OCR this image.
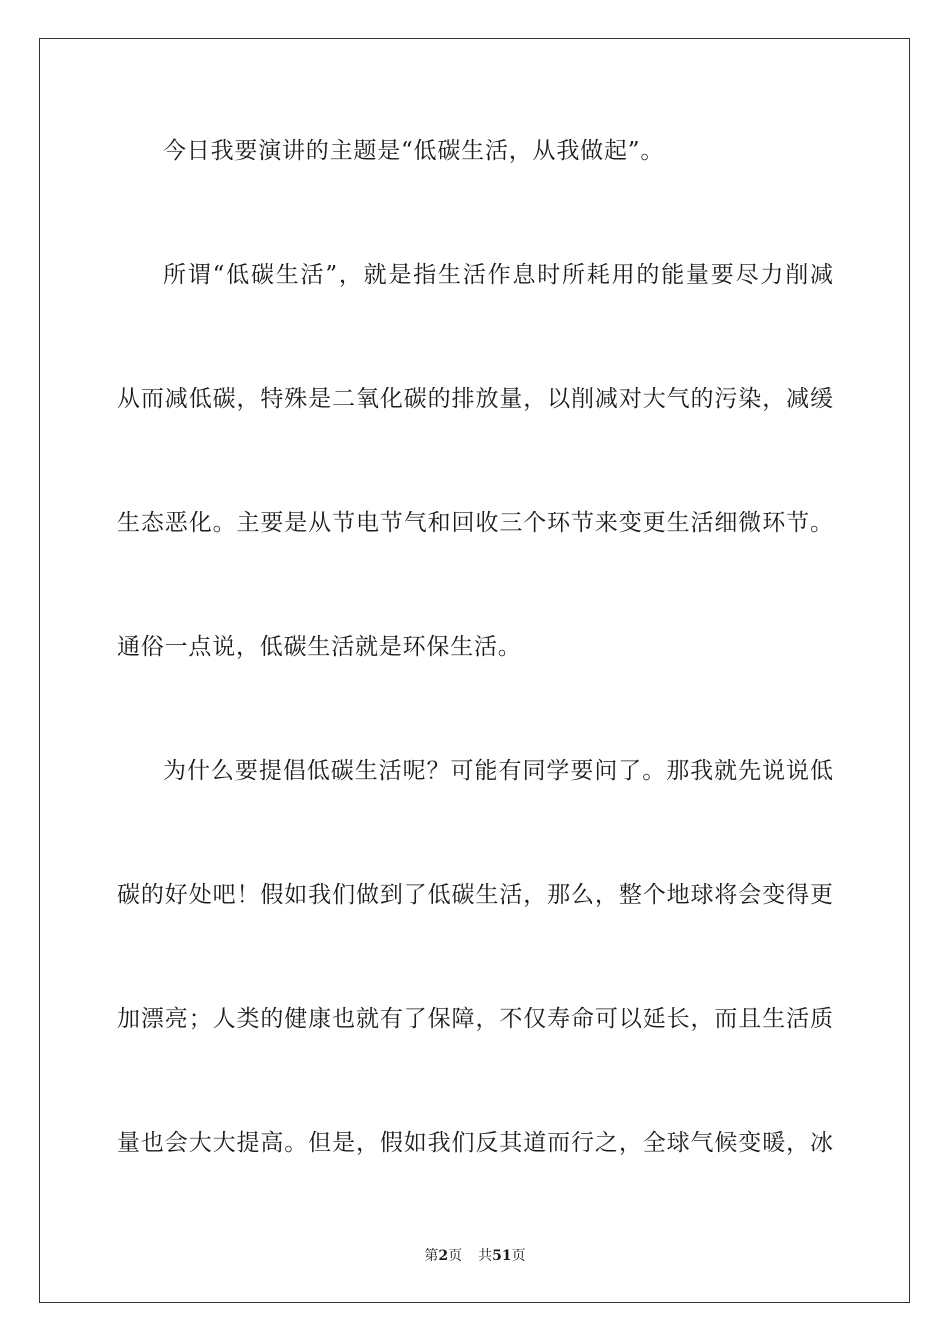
今日我要演讲的主题是“低碳生活，从我做起”。

所谓“低碳生活”，就是指生活作息时所耗用的能量要尽力削减

从而减低碳，特殊是二氧化碳的排放量，以削减对大气的污染，减缓

生态恶化。主要是从节电节气和回收三个环节来变更生活细微环节。

通俗一点说，低碳生活就是环保生活。

为什么要提倡低碳生活呢？可能有同学要问了。那我就先说说低

碳的好处吧！假如我们做到了低碳生活，那么，整个地球将会变得更

加漂亮；人类的健康也就有了保障，不仅寿命可以延长，而且生活质

量也会大大提高。但是，假如我们反其道而行之，全球气候变暖，冰

第2页 共51页
